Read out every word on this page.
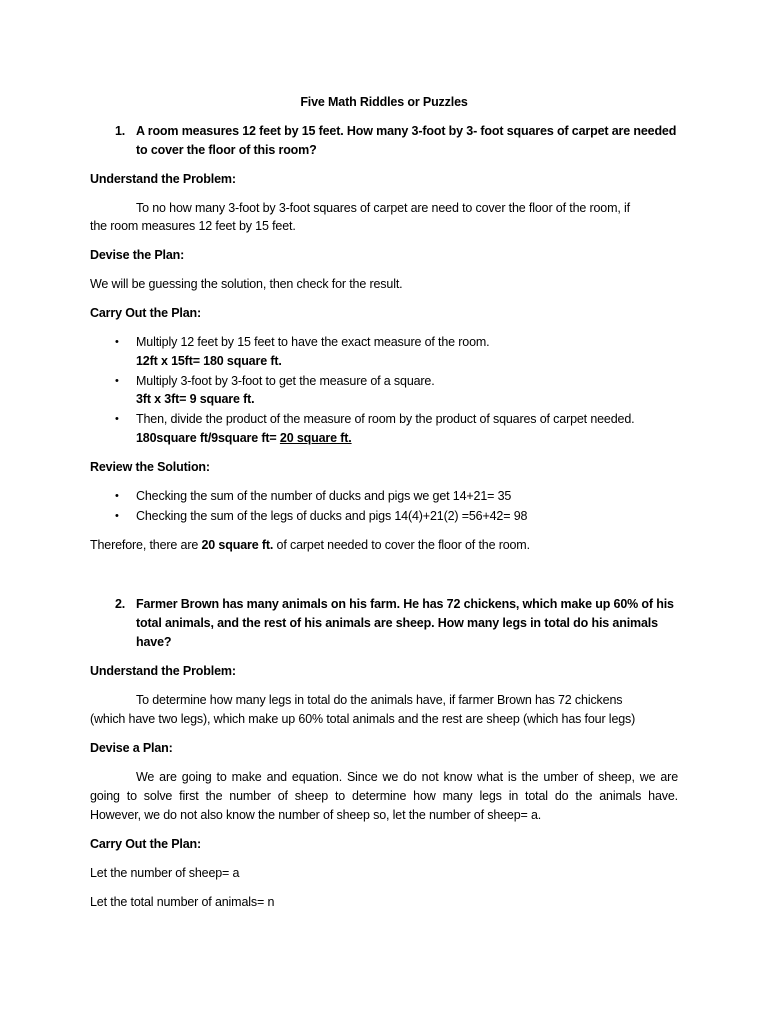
Five Math Riddles or Puzzles
1. A room measures 12 feet by 15 feet. How many 3-foot by 3- foot squares of carpet are needed
to cover the floor of this room?
Understand the Problem:
To no how many 3-foot by 3-foot squares of carpet are need to cover the floor of the room, if
the room measures 12 feet by 15 feet.
Devise the Plan:
We will be guessing the solution, then check for the result.
Carry Out the Plan:
• Multiply 12 feet by 15 feet to have the exact measure of the room.
12ft x 15ft= 180 square ft.
• Multiply 3-foot by 3-foot to get the measure of a square.
3ft x 3ft= 9 square ft.
• Then, divide the product of the measure of room by the product of squares of carpet needed.
180square ft/9square ft= 20 square ft.
Review the Solution:
• Checking the sum of the number of ducks and pigs we get 14+21= 35
• Checking the sum of the legs of ducks and pigs 14(4)+21(2) =56+42= 98
Therefore, there are 20 square ft. of carpet needed to cover the floor of the room.
2. Farmer Brown has many animals on his farm. He has 72 chickens, which make up 60% of his
total animals, and the rest of his animals are sheep. How many legs in total do his animals
have?
Understand the Problem:
To determine how many legs in total do the animals have, if farmer Brown has 72 chickens
(which have two legs), which make up 60% total animals and the rest are sheep (which has four legs)
Devise a Plan:
We are going to make and equation. Since we do not know what is the umber of sheep, we are
going to solve first the number of sheep to determine how many legs in total do the animals have.
However, we do not also know the number of sheep so, let the number of sheep= a.
Carry Out the Plan:
Let the number of sheep= a
Let the total number of animals= n
